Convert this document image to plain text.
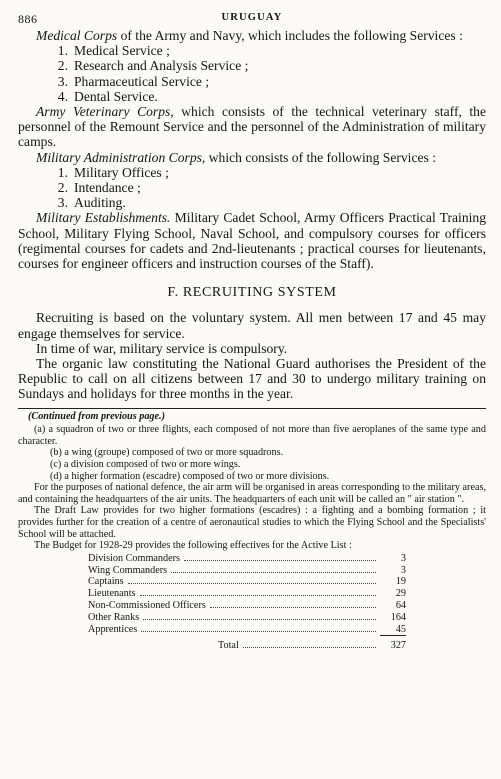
886	URUGUAY

Medical Corps of the Army and Navy, which includes the following Services :

1. Medical Service ;
2. Research and Analysis Service ;
3. Pharmaceutical Service ;
4. Dental Service.

Army Veterinary Corps, which consists of the technical veterinary staff, the personnel of the Remount Service and the personnel of the Administration of military camps.

Military Administration Corps, which consists of the following Services :

1. Military Offices ;
2. Intendance ;
3. Auditing.

Military Establishments. Military Cadet School, Army Officers Practical Training School, Military Flying School, Naval School, and compulsory courses for officers (regimental courses for cadets and 2nd-lieutenants ; practical courses for lieutenants, courses for engineer officers and instruction courses of the Staff).

F. RECRUITING SYSTEM

Recruiting is based on the voluntary system. All men between 17 and 45 may engage themselves for service.

In time of war, military service is compulsory.

The organic law constituting the National Guard authorises the President of the Republic to call on all citizens between 17 and 30 to undergo military training on Sundays and holidays for three months in the year.

(Continued from previous page.)

(a) a squadron of two or three flights, each composed of not more than five aeroplanes of the same type and character.

(b) a wing (groupe) composed of two or more squadrons.

(c) a division composed of two or more wings.

(d) a higher formation (escadre) composed of two or more divisions.

For the purposes of national defence, the air arm will be organised in areas corresponding to the military areas, and containing the headquarters of the air units. The headquarters of each unit will be called an " air station ".

The Draft Law provides for two higher formations (escadres) : a fighting and a bombing formation ; it provides further for the creation of a centre of aeronautical studies to which the Flying School and the Specialists' School will be attached.

The Budget for 1928-29 provides the following effectives for the Active List :

Division Commanders	3
Wing Commanders	3
Captains	19
Lieutenants	29
Non-Commissioned Officers	64
Other Ranks	164
Apprentices	45
Total	327
